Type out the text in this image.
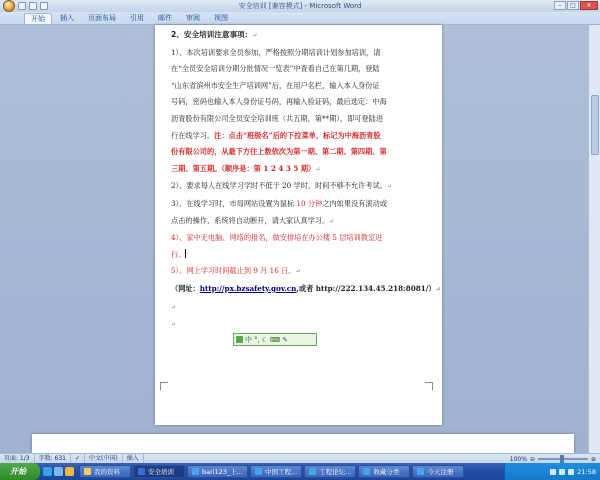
安全培训 [兼容模式] - Microsoft Word	–	□	✕
开始	插入	页面布局	引用	邮件	审阅	视图

2、安全培训注意事项：↵

1）、本次培训要求全员参加，严格按照分期培训计划参加培训，请

在“全员安全培训分期分批情况一览表”中查看自己在第几期，登陆

“山东省滨州市安全生产培训网”后，在用户名栏，输入本人身份证

号码，密码也输入本人身份证号码，再输入验证码，最后选定：中海

沥青股份有限公司全员安全培训班（共五期，第**期），即可登陆进

行在线学习。注：点击“班级名”后的下拉菜单，标记为中海沥青股

份有限公司的，从最下方往上数依次为第一期、第二期、第四期、第

三期、第五期。（顺序是：第 1 2 4 3 5 期）↵

2）、要求每人在线学习学时不低于 20 学时，时间不够不允许考试。↵

3）、在线学习时，市局网站设置为鼠标 10 分钟之内如果没有滚动或

点击的操作，系统将自动断开，请大家认真学习。↵

4）、家中无电脑、网络的报名，做安排培在办公楼 5 层培训教室进

行。

5）、网上学习时间截止到 9 月 16 日。↵

（网址：http://px.bzsafety.gov.cn,或者 http://222.134.45.218:8081/）↵

↵

↵

中 °, ☾ ⌨ ✎
页面: 1/3	字数: 631	✓	中文(中国)	插入	100% ⊖	⊕
开始	我的资料	安全培训	bari123_上...	中国工程...	工程论坛...	收藏分类	今天注册	21:58
